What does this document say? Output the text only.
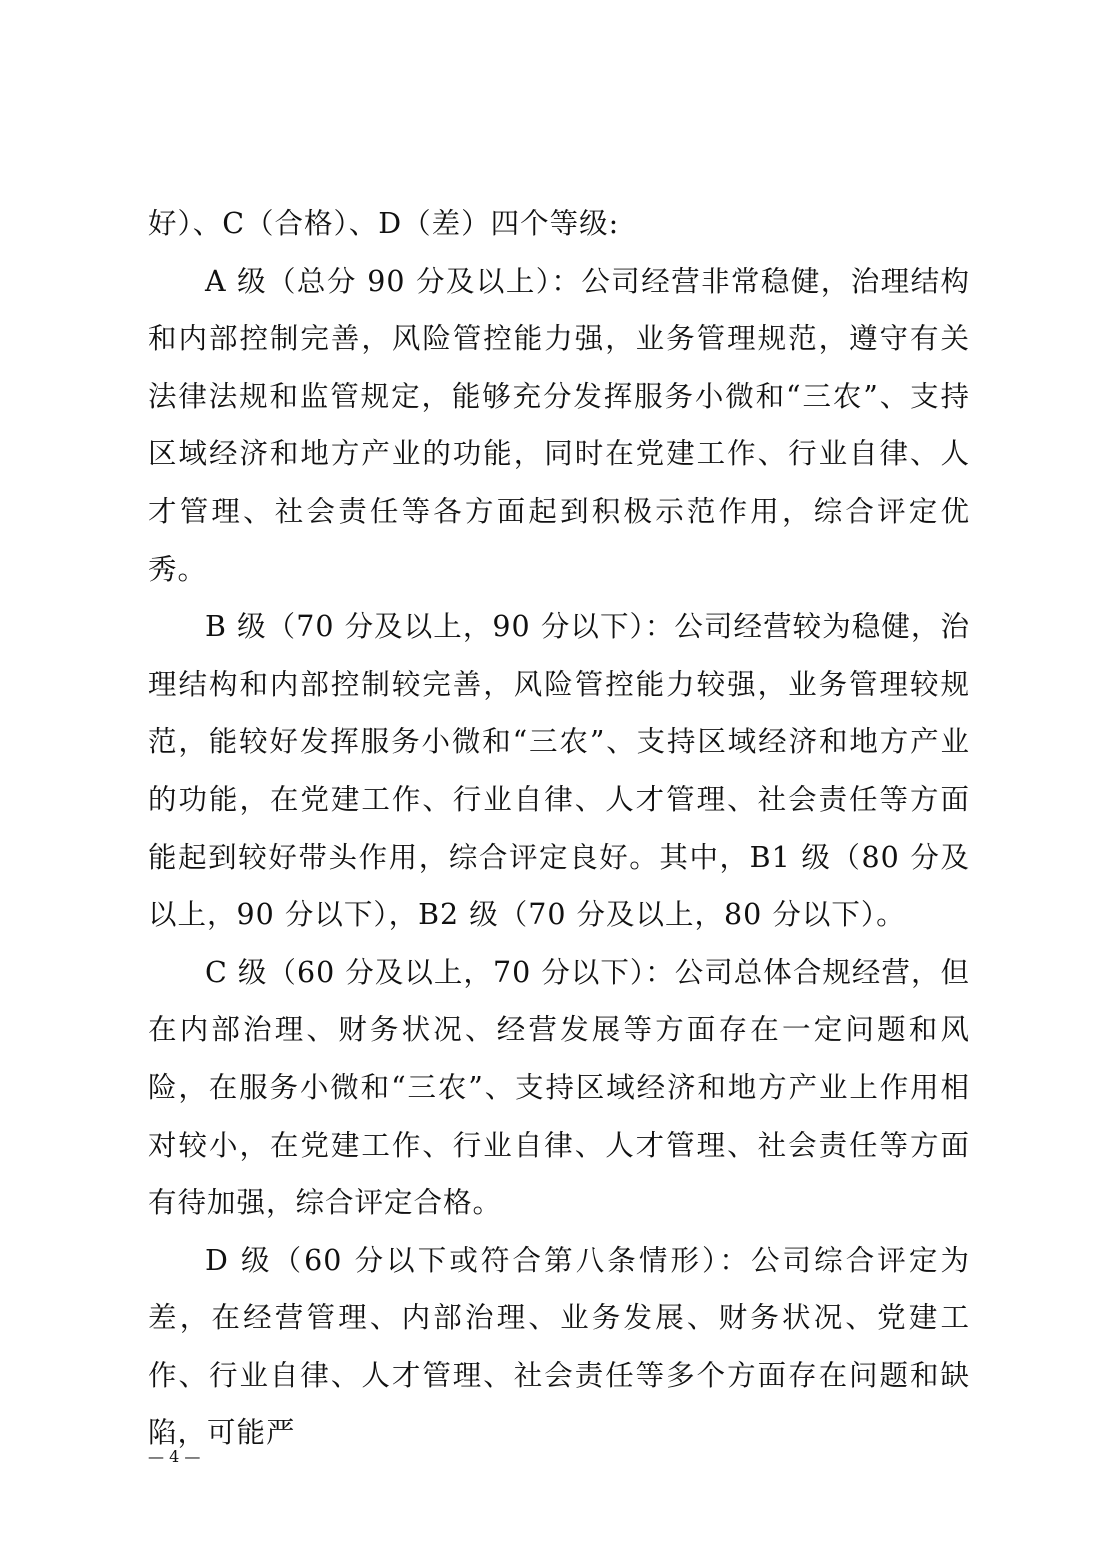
好）、C（合格）、D（差）四个等级:

A 级（总分 90 分及以上）：公司经营非常稳健，治理结构和内部控制完善，风险管控能力强，业务管理规范，遵守有关法律法规和监管规定，能够充分发挥服务小微和“三农”、支持区域经济和地方产业的功能，同时在党建工作、行业自律、人才管理、社会责任等各方面起到积极示范作用，综合评定优秀。

B 级（70 分及以上，90 分以下）：公司经营较为稳健，治理结构和内部控制较完善，风险管控能力较强，业务管理较规范，能较好发挥服务小微和“三农”、支持区域经济和地方产业的功能，在党建工作、行业自律、人才管理、社会责任等方面能起到较好带头作用，综合评定良好。其中，B1 级（80 分及以上，90 分以下），B2 级（70 分及以上，80 分以下）。

C 级（60 分及以上，70 分以下）：公司总体合规经营，但在内部治理、财务状况、经营发展等方面存在一定问题和风险，在服务小微和“三农”、支持区域经济和地方产业上作用相对较小，在党建工作、行业自律、人才管理、社会责任等方面有待加强，综合评定合格。

D 级（60 分以下或符合第八条情形）：公司综合评定为差，在经营管理、内部治理、业务发展、财务状况、党建工作、行业自律、人才管理、社会责任等多个方面存在问题和缺陷，可能严

— 4 —
